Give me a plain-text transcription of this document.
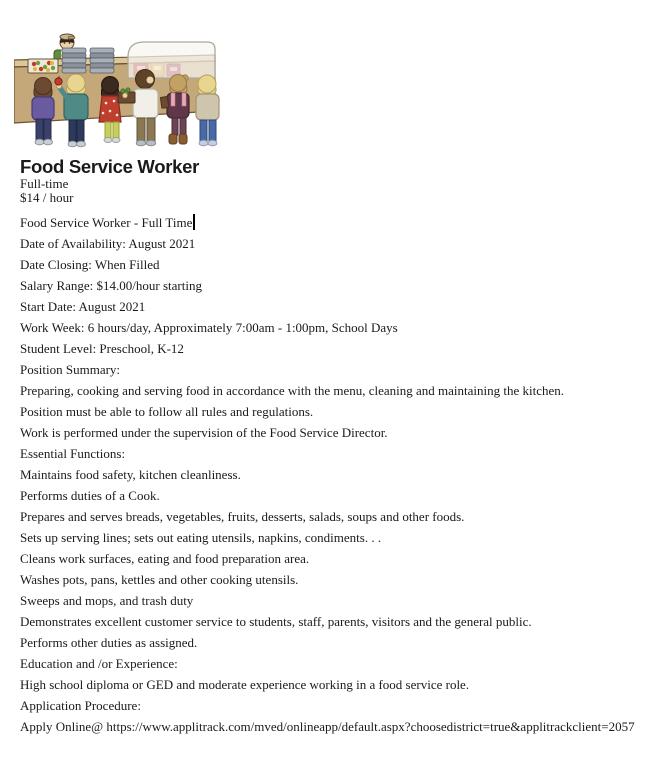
Food Service Worker
Full-time
$14 / hour

Food Service Worker - Full Time

Date of Availability: August 2021

Date Closing: When Filled

Salary Range: $14.00/hour starting

Start Date: August 2021

Work Week: 6 hours/day, Approximately 7:00am - 1:00pm, School Days

Student Level: Preschool, K-12

Position Summary:

Preparing, cooking and serving food in accordance with the menu, cleaning and maintaining the kitchen.

Position must be able to follow all rules and regulations.

Work is performed under the supervision of the Food Service Director.

Essential Functions:

Maintains food safety, kitchen cleanliness.

Performs duties of a Cook.

Prepares and serves breads, vegetables, fruits, desserts, salads, soups and other foods.

Sets up serving lines; sets out eating utensils, napkins, condiments. . .

Cleans work surfaces, eating and food preparation area.

Washes pots, pans, kettles and other cooking utensils.

Sweeps and mops, and trash duty

Demonstrates excellent customer service to students, staff, parents, visitors and the general public.

Performs other duties as assigned.

Education and /or Experience:

High school diploma or GED and moderate experience working in a food service role.

Application Procedure:

Apply Online@ https://www.applitrack.com/mved/onlineapp/default.aspx?choosedistrict=true&applitrackclient=2057
